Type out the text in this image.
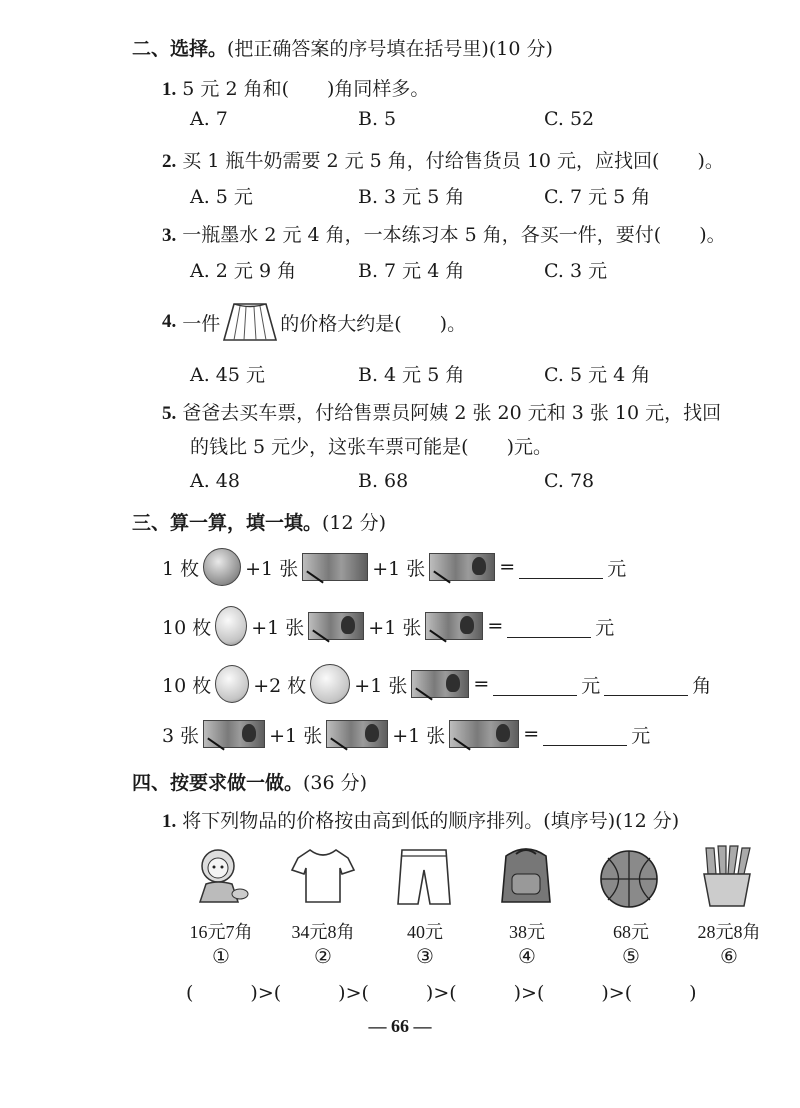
二、选择。(把正确答案的序号填在括号里)(10 分)
1. 5 元 2 角和(　　)角同样多。
A. 7	B. 5	C. 52
2. 买 1 瓶牛奶需要 2 元 5 角，付给售货员 10 元，应找回(　　)。
A. 5 元	B. 3 元 5 角	C. 7 元 5 角
3. 一瓶墨水 2 元 4 角，一本练习本 5 角，各买一件，要付(　　)。
A. 2 元 9 角	B. 7 元 4 角	C. 3 元
4. 一件	的价格大约是(　　)。
A. 45 元	B. 4 元 5 角	C. 5 元 4 角
5. 爸爸去买车票，付给售票员阿姨 2 张 20 元和 3 张 10 元，找回
的钱比 5 元少，这张车票可能是(　　)元。
A. 48	B. 68	C. 78
三、算一算，填一填。(12 分)
1 枚 +1 张	+1 张	=	元
10 枚 +1 张	+1 张	=	元
10 枚 +2 枚	+1 张	=	元	角
3 张	+1 张	+1 张	=	元
四、按要求做一做。(36 分)
1. 将下列物品的价格按由高到低的顺序排列。(填序号)(12 分)
16元7角	34元8角	40元	38元	68元	28元8角
①	②	③	④	⑤	⑥
(　　　)>(　　　)>(　　　)>(　　　)>(　　　)>(　　　)
— 66 —
